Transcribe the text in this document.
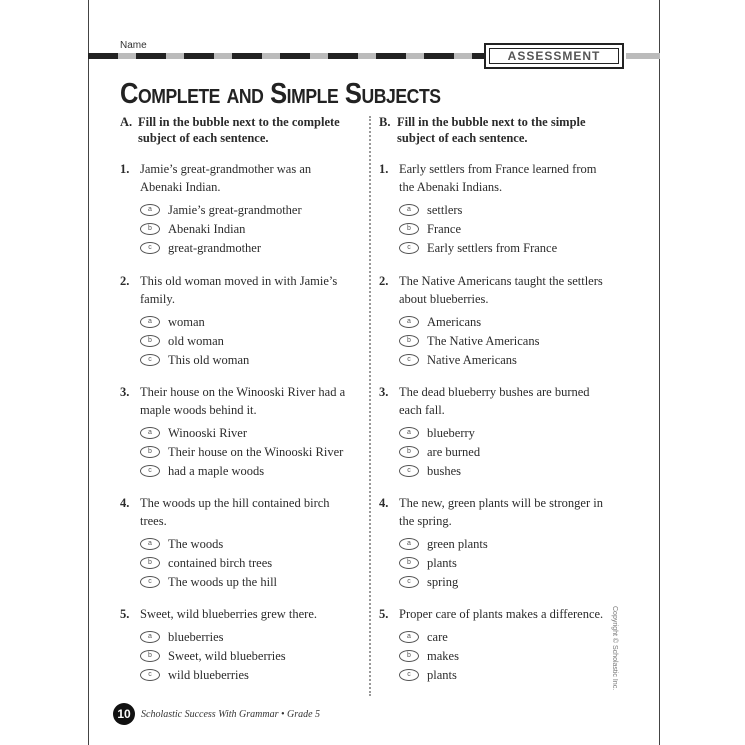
Name
ASSESSMENT
Complete and Simple Subjects
A. Fill in the bubble next to the complete subject of each sentence.
B. Fill in the bubble next to the simple subject of each sentence.
1. Jamie’s great-grandmother was an Abenaki Indian.
a	Jamie’s great-grandmother
b	Abenaki Indian
c	great-grandmother
2. This old woman moved in with Jamie’s family.
a	woman
b	old woman
c	This old woman
3. Their house on the Winooski River had a maple woods behind it.
a	Winooski River
b	Their house on the Winooski River
c	had a maple woods
4. The woods up the hill contained birch trees.
a	The woods
b	contained birch trees
c	The woods up the hill
5. Sweet, wild blueberries grew there.
a	blueberries
b	Sweet, wild blueberries
c	wild blueberries
1. Early settlers from France learned from the Abenaki Indians.
a	settlers
b	France
c	Early settlers from France
2. The Native Americans taught the settlers about blueberries.
a	Americans
b	The Native Americans
c	Native Americans
3. The dead blueberry bushes are burned each fall.
a	blueberry
b	are burned
c	bushes
4. The new, green plants will be stronger in the spring.
a	green plants
b	plants
c	spring
5. Proper care of plants makes a difference.
a	care
b	makes
c	plants
10	Scholastic Success With Grammar • Grade 5
Copyright © Scholastic Inc.
